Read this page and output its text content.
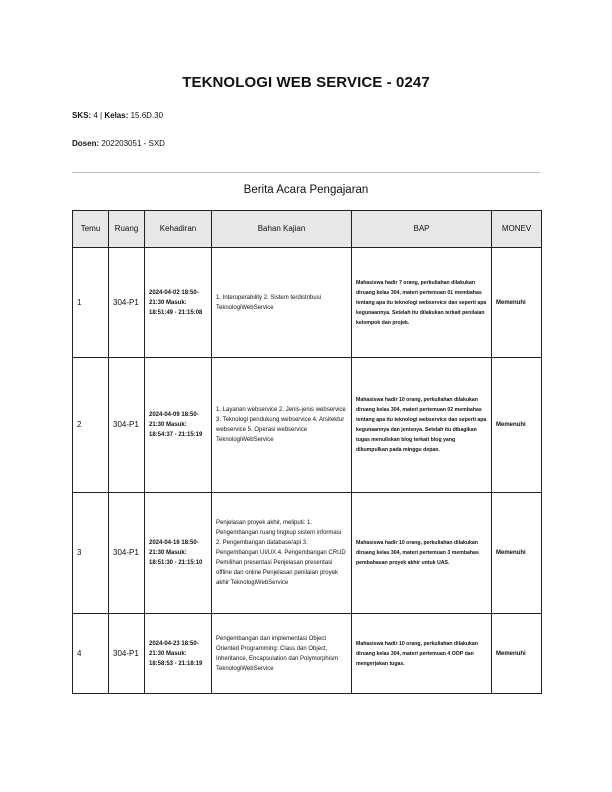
TEKNOLOGI WEB SERVICE - 0247
SKS: 4 | Kelas: 15.6D.30
Dosen: 202203051 - SXD
Berita Acara Pengajaran
Temu	Ruang	Kehadiran	Bahan Kajian	BAP	MONEV
1	304-P1	2024-04-02 18:50-21:30 Masuk: 18:51:49 - 21:15:08	1. Interoperability 2. Sistem terdistribusi TeknologiWebService	Mahasiswa hadir 7 orang, perkuliahan dilakukan diruang kelas 304, materi pertemuan 01 membahas tentang apa itu teknologi webservice dan seperti apa kegunaannya. Setelah itu dilakukan terkait penilaian kelompok dan projek.	Memenuhi
2	304-P1	2024-04-09 18:50-21:30 Masuk: 18:54:37 - 21:15:19	1. Layanan webservice 2. Jenis-jenis webservice 3. Teknologi pendukung webservice 4. Arsitektur webservice 5. Operasi webservice TeknologiWebService	Mahasiswa hadir 10 orang, perkuliahan dilakukan diruang kelas 304, materi pertemuan 02 membahas tentang apa itu teknologi webservice dan seperti apa kegunaannya dan jenisnya. Setelah itu dibagikan tugas menuliskan blog terkait blog yang dikumpulkan pada minggu depan.	Memenuhi
3	304-P1	2024-04-16 18:50-21:30 Masuk: 18:51:30 - 21:15:10	Penjelasan proyek akhir, meliputi: 1. Pengembangan ruang lingkup sistem informasi 2. Pengembangan database/api 3. Pengembangan UI/UX 4. Pengembangan CRUD Pemilihan presentasi Penjelasan presentasi offline dan online Penjelasan penilaian proyek akhir TeknologiWebService	Mahasiswa hadir 10 orang, perkuliahan dilakukan diruang kelas 304, materi pertemuan 3 membahas pembahasan proyek akhir untuk UAS.	Memenuhi
4	304-P1	2024-04-23 18:50-21:30 Masuk: 18:58:53 - 21:18:19	Pengembangan dan implementasi Object Oriented Programming: Class dan Object, Inheritance, Encapsulation dan Polymorphism TeknologiWebService	Mahasiswa hadir 10 orang, perkuliahan dilakukan diruang kelas 304, materi pertemuan 4 OOP dan mengerjakan tugas.	Memenuhi
